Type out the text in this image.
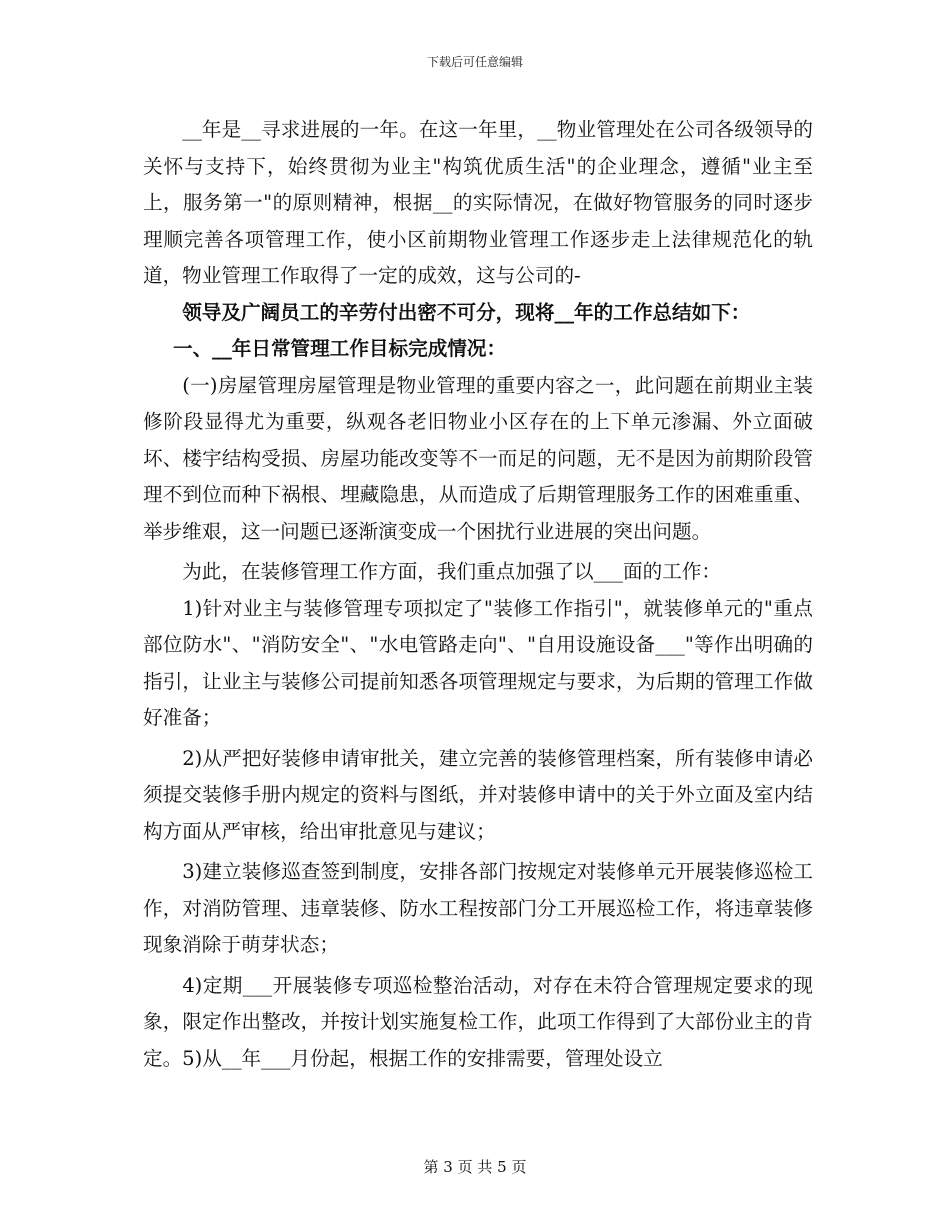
下载后可任意编辑

__年是__寻求进展的一年。在这一年里，__物业管理处在公司各级领导的关怀与支持下，始终贯彻为业主"构筑优质生活"的企业理念，遵循"业主至上，服务第一"的原则精神，根据__的实际情况，在做好物管服务的同时逐步理顺完善各项管理工作，使小区前期物业管理工作逐步走上法律规范化的轨道，物业管理工作取得了一定的成效，这与公司的-

领导及广阔员工的辛劳付出密不可分，现将__年的工作总结如下：

一、__年日常管理工作目标完成情况：

(一)房屋管理房屋管理是物业管理的重要内容之一，此问题在前期业主装修阶段显得尤为重要，纵观各老旧物业小区存在的上下单元渗漏、外立面破坏、楼宇结构受损、房屋功能改变等不一而足的问题，无不是因为前期阶段管理不到位而种下祸根、埋藏隐患，从而造成了后期管理服务工作的困难重重、举步维艰，这一问题已逐渐演变成一个困扰行业进展的突出问题。

为此，在装修管理工作方面，我们重点加强了以___面的工作：

1)针对业主与装修管理专项拟定了"装修工作指引"，就装修单元的"重点部位防水"、"消防安全"、"水电管路走向"、"自用设施设备___"等作出明确的指引，让业主与装修公司提前知悉各项管理规定与要求，为后期的管理工作做好准备；

2)从严把好装修申请审批关，建立完善的装修管理档案，所有装修申请必须提交装修手册内规定的资料与图纸，并对装修申请中的关于外立面及室内结构方面从严审核，给出审批意见与建议；

3)建立装修巡查签到制度，安排各部门按规定对装修单元开展装修巡检工作，对消防管理、违章装修、防水工程按部门分工开展巡检工作，将违章装修现象消除于萌芽状态；

4)定期___开展装修专项巡检整治活动，对存在未符合管理规定要求的现象，限定作出整改，并按计划实施复检工作，此项工作得到了大部份业主的肯定。5)从__年___月份起，根据工作的安排需要，管理处设立

第 3 页 共 5 页
